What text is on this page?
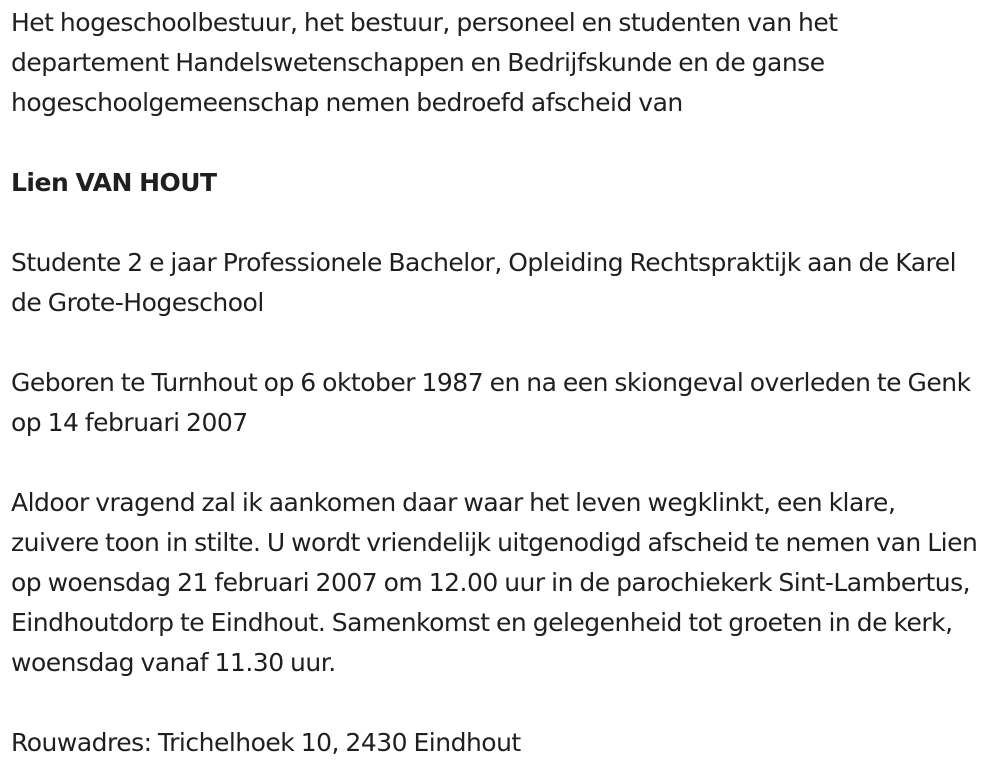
Het hogeschoolbestuur, het bestuur, personeel en studenten van het departement Handelswetenschappen en Bedrijfskunde en de ganse hogeschoolgemeenschap nemen bedroefd afscheid van

Lien VAN HOUT

Studente 2 e jaar Professionele Bachelor, Opleiding Rechtspraktijk aan de Karel de Grote-Hogeschool

Geboren te Turnhout op 6 oktober 1987 en na een skiongeval overleden te Genk op 14 februari 2007

Aldoor vragend zal ik aankomen daar waar het leven wegklinkt, een klare, zuivere toon in stilte. U wordt vriendelijk uitgenodigd afscheid te nemen van Lien op woensdag 21 februari 2007 om 12.00 uur in de parochiekerk Sint-Lambertus, Eindhoutdorp te Eindhout. Samenkomst en gelegenheid tot groeten in de kerk, woensdag vanaf 11.30 uur.

Rouwadres: Trichelhoek 10, 2430 Eindhout
